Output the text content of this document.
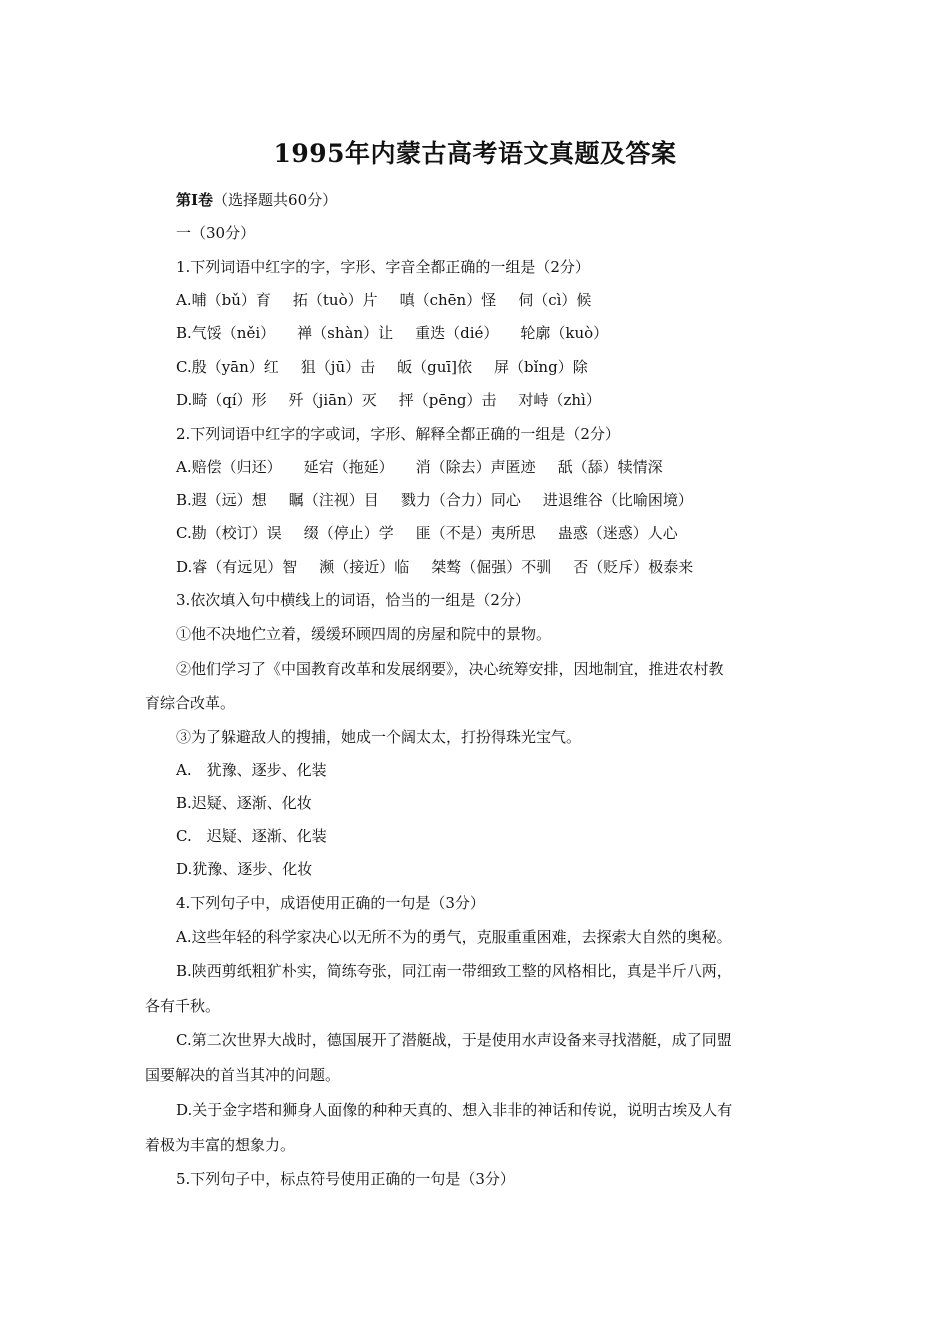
1995年内蒙古高考语文真题及答案
第Ⅰ卷（选择题共60分）
一（30分）
1.下列词语中红字的字，字形、字音全都正确的一组是（2分）
A.哺（bǔ）育 拓（tuò）片 嗔（chēn）怪 伺（cì）候
B.气馁（něi） 禅（shàn）让 重迭（dié） 轮廓（kuò）
C.殷（yān）红 狙（jū）击 皈（guī]依 屏（bǐng）除
D.畸（qí）形 歼（jiān）灭 抨（pēng）击 对峙（zhì）
2.下列词语中红字的字或词，字形、解释全都正确的一组是（2分）
A.赔偿（归还） 延宕（拖延） 消（除去）声匿迹 舐（舔）犊情深
B.遐（远）想 瞩（注视）目 戮力（合力）同心 进退维谷（比喻困境）
C.勘（校订）误 缀（停止）学 匪（不是）夷所思 蛊惑（迷惑）人心
D.睿（有远见）智 濒（接近）临 桀骜（倔强）不驯 否（贬斥）极泰来
3.依次填入句中横线上的词语，恰当的一组是（2分）
①他不决地伫立着，缓缓环顾四周的房屋和院中的景物。
②他们学习了《中国教育改革和发展纲要》，决心统筹安排，因地制宜，推进农村教
育综合改革。
③为了躲避敌人的搜捕，她成一个阔太太，打扮得珠光宝气。
A.　犹豫、逐步、化装
B.迟疑、逐渐、化妆
C.　迟疑、逐渐、化装
D.犹豫、逐步、化妆
4.下列句子中，成语使用正确的一句是（3分）
A.这些年轻的科学家决心以无所不为的勇气，克服重重困难，去探索大自然的奥秘。
B.陕西剪纸粗犷朴实，简练夸张，同江南一带细致工整的风格相比，真是半斤八两，
各有千秋。
C.第二次世界大战时，德国展开了潜艇战，于是使用水声设备来寻找潜艇，成了同盟
国要解决的首当其冲的问题。
D.关于金字塔和狮身人面像的种种天真的、想入非非的神话和传说，说明古埃及人有
着极为丰富的想象力。
5.下列句子中，标点符号使用正确的一句是（3分）
